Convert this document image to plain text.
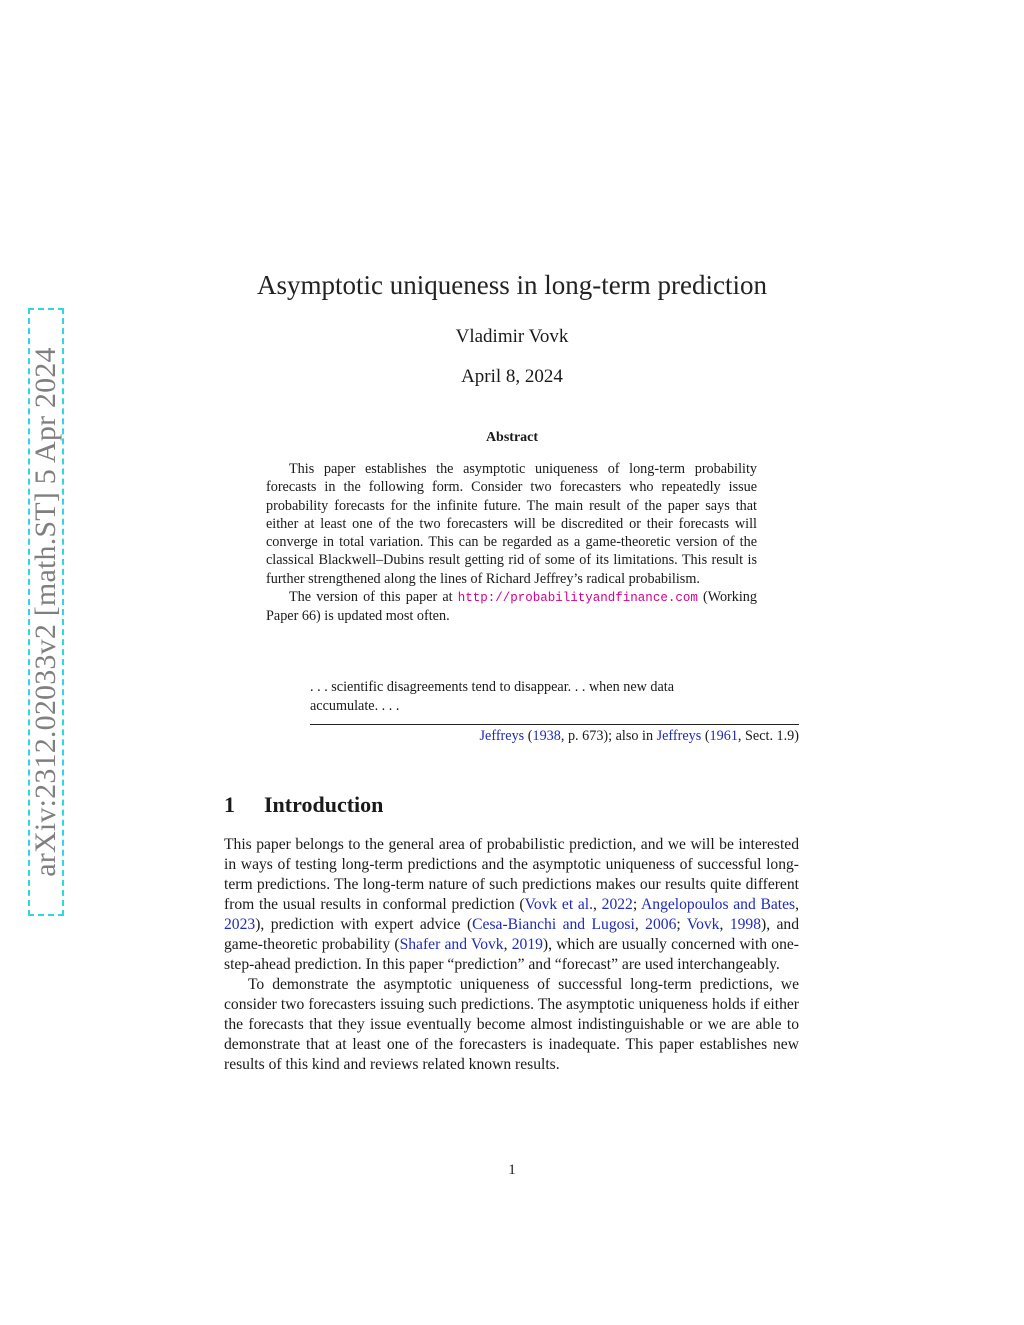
arXiv:2312.02033v2 [math.ST] 5 Apr 2024
Asymptotic uniqueness in long-term prediction
Vladimir Vovk
April 8, 2024
Abstract

This paper establishes the asymptotic uniqueness of long-term probability forecasts in the following form. Consider two forecasters who repeatedly issue probability forecasts for the infinite future. The main result of the paper says that either at least one of the two forecasters will be discredited or their forecasts will converge in total variation. This can be regarded as a game-theoretic version of the classical Blackwell–Dubins result getting rid of some of its limitations. This result is further strengthened along the lines of Richard Jeffrey’s radical probabilism.

The version of this paper at http://probabilityandfinance.com (Working Paper 66) is updated most often.

. . . scientific disagreements tend to disappear. . . when new data accumulate. . . .
Jeffreys (1938, p. 673); also in Jeffreys (1961, Sect. 1.9)
1 Introduction

This paper belongs to the general area of probabilistic prediction, and we will be interested in ways of testing long-term predictions and the asymptotic uniqueness of successful long-term predictions. The long-term nature of such predictions makes our results quite different from the usual results in conformal prediction (Vovk et al., 2022; Angelopoulos and Bates, 2023), prediction with expert advice (Cesa-Bianchi and Lugosi, 2006; Vovk, 1998), and game-theoretic probability (Shafer and Vovk, 2019), which are usually concerned with one-step-ahead prediction. In this paper “prediction” and “forecast” are used interchangeably.

To demonstrate the asymptotic uniqueness of successful long-term predictions, we consider two forecasters issuing such predictions. The asymptotic uniqueness holds if either the forecasts that they issue eventually become almost indistinguishable or we are able to demonstrate that at least one of the forecasters is inadequate. This paper establishes new results of this kind and reviews related known results.

1
